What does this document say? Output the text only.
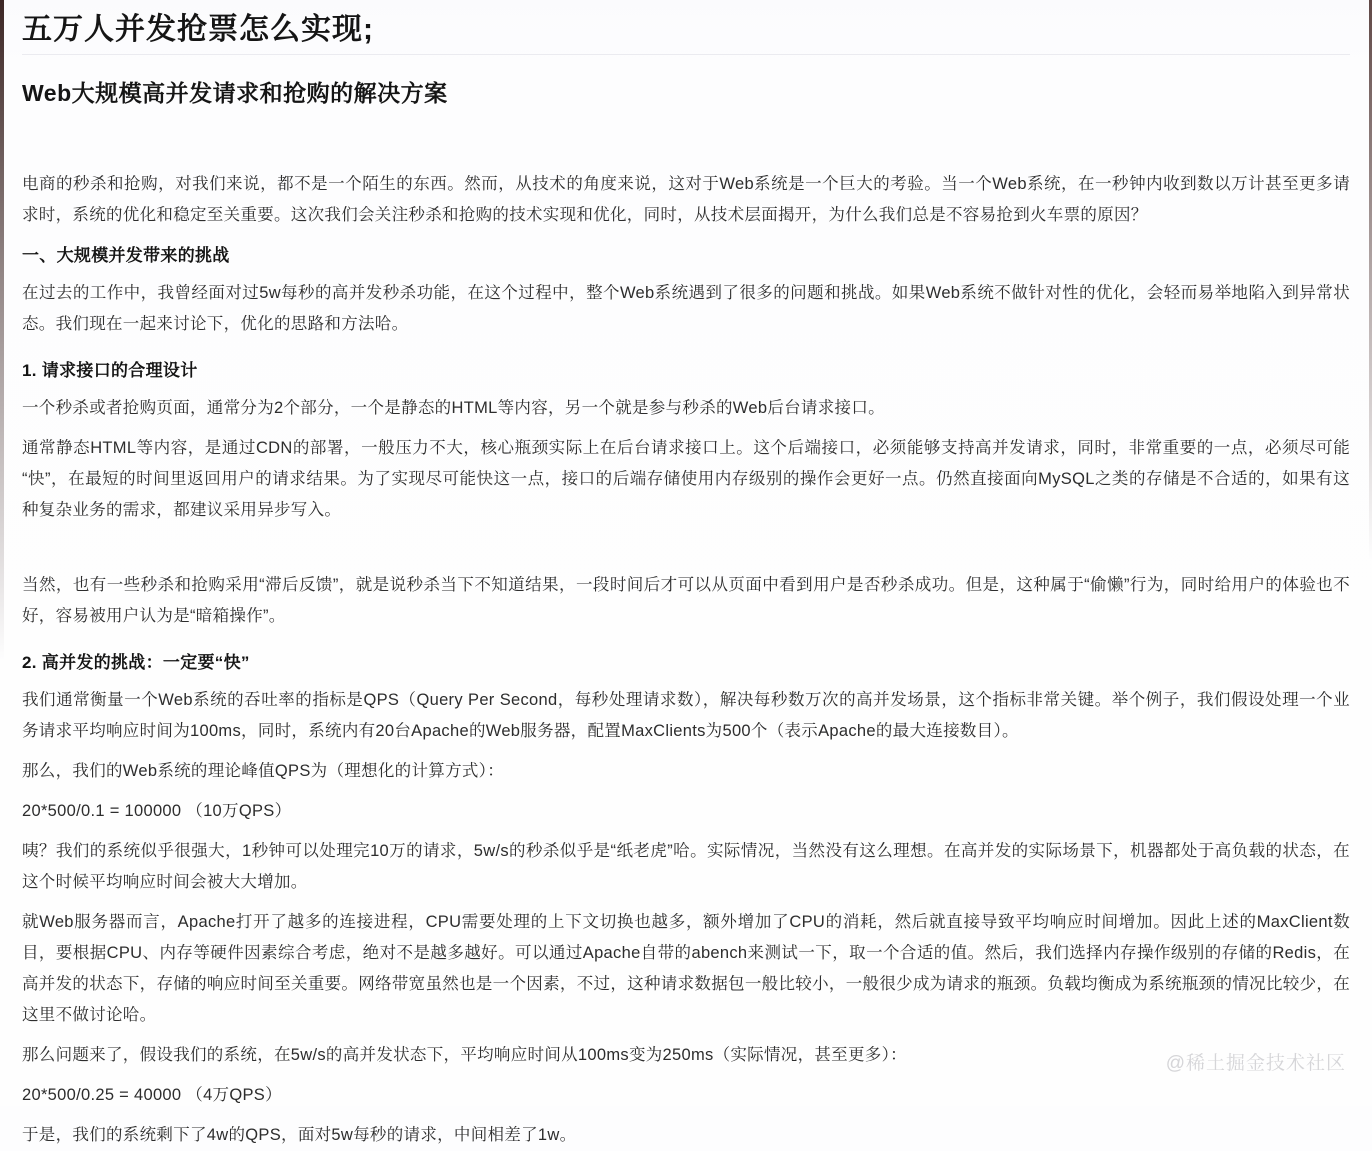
五万人并发抢票怎么实现;
Web大规模高并发请求和抢购的解决方案

电商的秒杀和抢购，对我们来说，都不是一个陌生的东西。然而，从技术的角度来说，这对于Web系统是一个巨大的考验。当一个Web系统，在一秒钟内收到数以万计甚至更多请求时，系统的优化和稳定至关重要。这次我们会关注秒杀和抢购的技术实现和优化，同时，从技术层面揭开，为什么我们总是不容易抢到火车票的原因？

一、大规模并发带来的挑战

在过去的工作中，我曾经面对过5w每秒的高并发秒杀功能，在这个过程中，整个Web系统遇到了很多的问题和挑战。如果Web系统不做针对性的优化，会轻而易举地陷入到异常状态。我们现在一起来讨论下，优化的思路和方法哈。

1. 请求接口的合理设计

一个秒杀或者抢购页面，通常分为2个部分，一个是静态的HTML等内容，另一个就是参与秒杀的Web后台请求接口。

通常静态HTML等内容，是通过CDN的部署，一般压力不大，核心瓶颈实际上在后台请求接口上。这个后端接口，必须能够支持高并发请求，同时，非常重要的一点，必须尽可能“快”，在最短的时间里返回用户的请求结果。为了实现尽可能快这一点，接口的后端存储使用内存级别的操作会更好一点。仍然直接面向MySQL之类的存储是不合适的，如果有这种复杂业务的需求，都建议采用异步写入。

当然，也有一些秒杀和抢购采用“滞后反馈”，就是说秒杀当下不知道结果，一段时间后才可以从页面中看到用户是否秒杀成功。但是，这种属于“偷懒”行为，同时给用户的体验也不好，容易被用户认为是“暗箱操作”。

2. 高并发的挑战：一定要“快”

我们通常衡量一个Web系统的吞吐率的指标是QPS（Query Per Second，每秒处理请求数），解决每秒数万次的高并发场景，这个指标非常关键。举个例子，我们假设处理一个业务请求平均响应时间为100ms，同时，系统内有20台Apache的Web服务器，配置MaxClients为500个（表示Apache的最大连接数目）。

那么，我们的Web系统的理论峰值QPS为（理想化的计算方式）：

20*500/0.1 = 100000 （10万QPS）

咦？我们的系统似乎很强大，1秒钟可以处理完10万的请求，5w/s的秒杀似乎是“纸老虎”哈。实际情况，当然没有这么理想。在高并发的实际场景下，机器都处于高负载的状态，在这个时候平均响应时间会被大大增加。

就Web服务器而言，Apache打开了越多的连接进程，CPU需要处理的上下文切换也越多，额外增加了CPU的消耗，然后就直接导致平均响应时间增加。因此上述的MaxClient数目，要根据CPU、内存等硬件因素综合考虑，绝对不是越多越好。可以通过Apache自带的abench来测试一下，取一个合适的值。然后，我们选择内存操作级别的存储的Redis，在高并发的状态下，存储的响应时间至关重要。网络带宽虽然也是一个因素，不过，这种请求数据包一般比较小，一般很少成为请求的瓶颈。负载均衡成为系统瓶颈的情况比较少，在这里不做讨论哈。

那么问题来了，假设我们的系统，在5w/s的高并发状态下，平均响应时间从100ms变为250ms（实际情况，甚至更多）：

20*500/0.25 = 40000 （4万QPS）

于是，我们的系统剩下了4w的QPS，面对5w每秒的请求，中间相差了1w。

@稀土掘金技术社区
